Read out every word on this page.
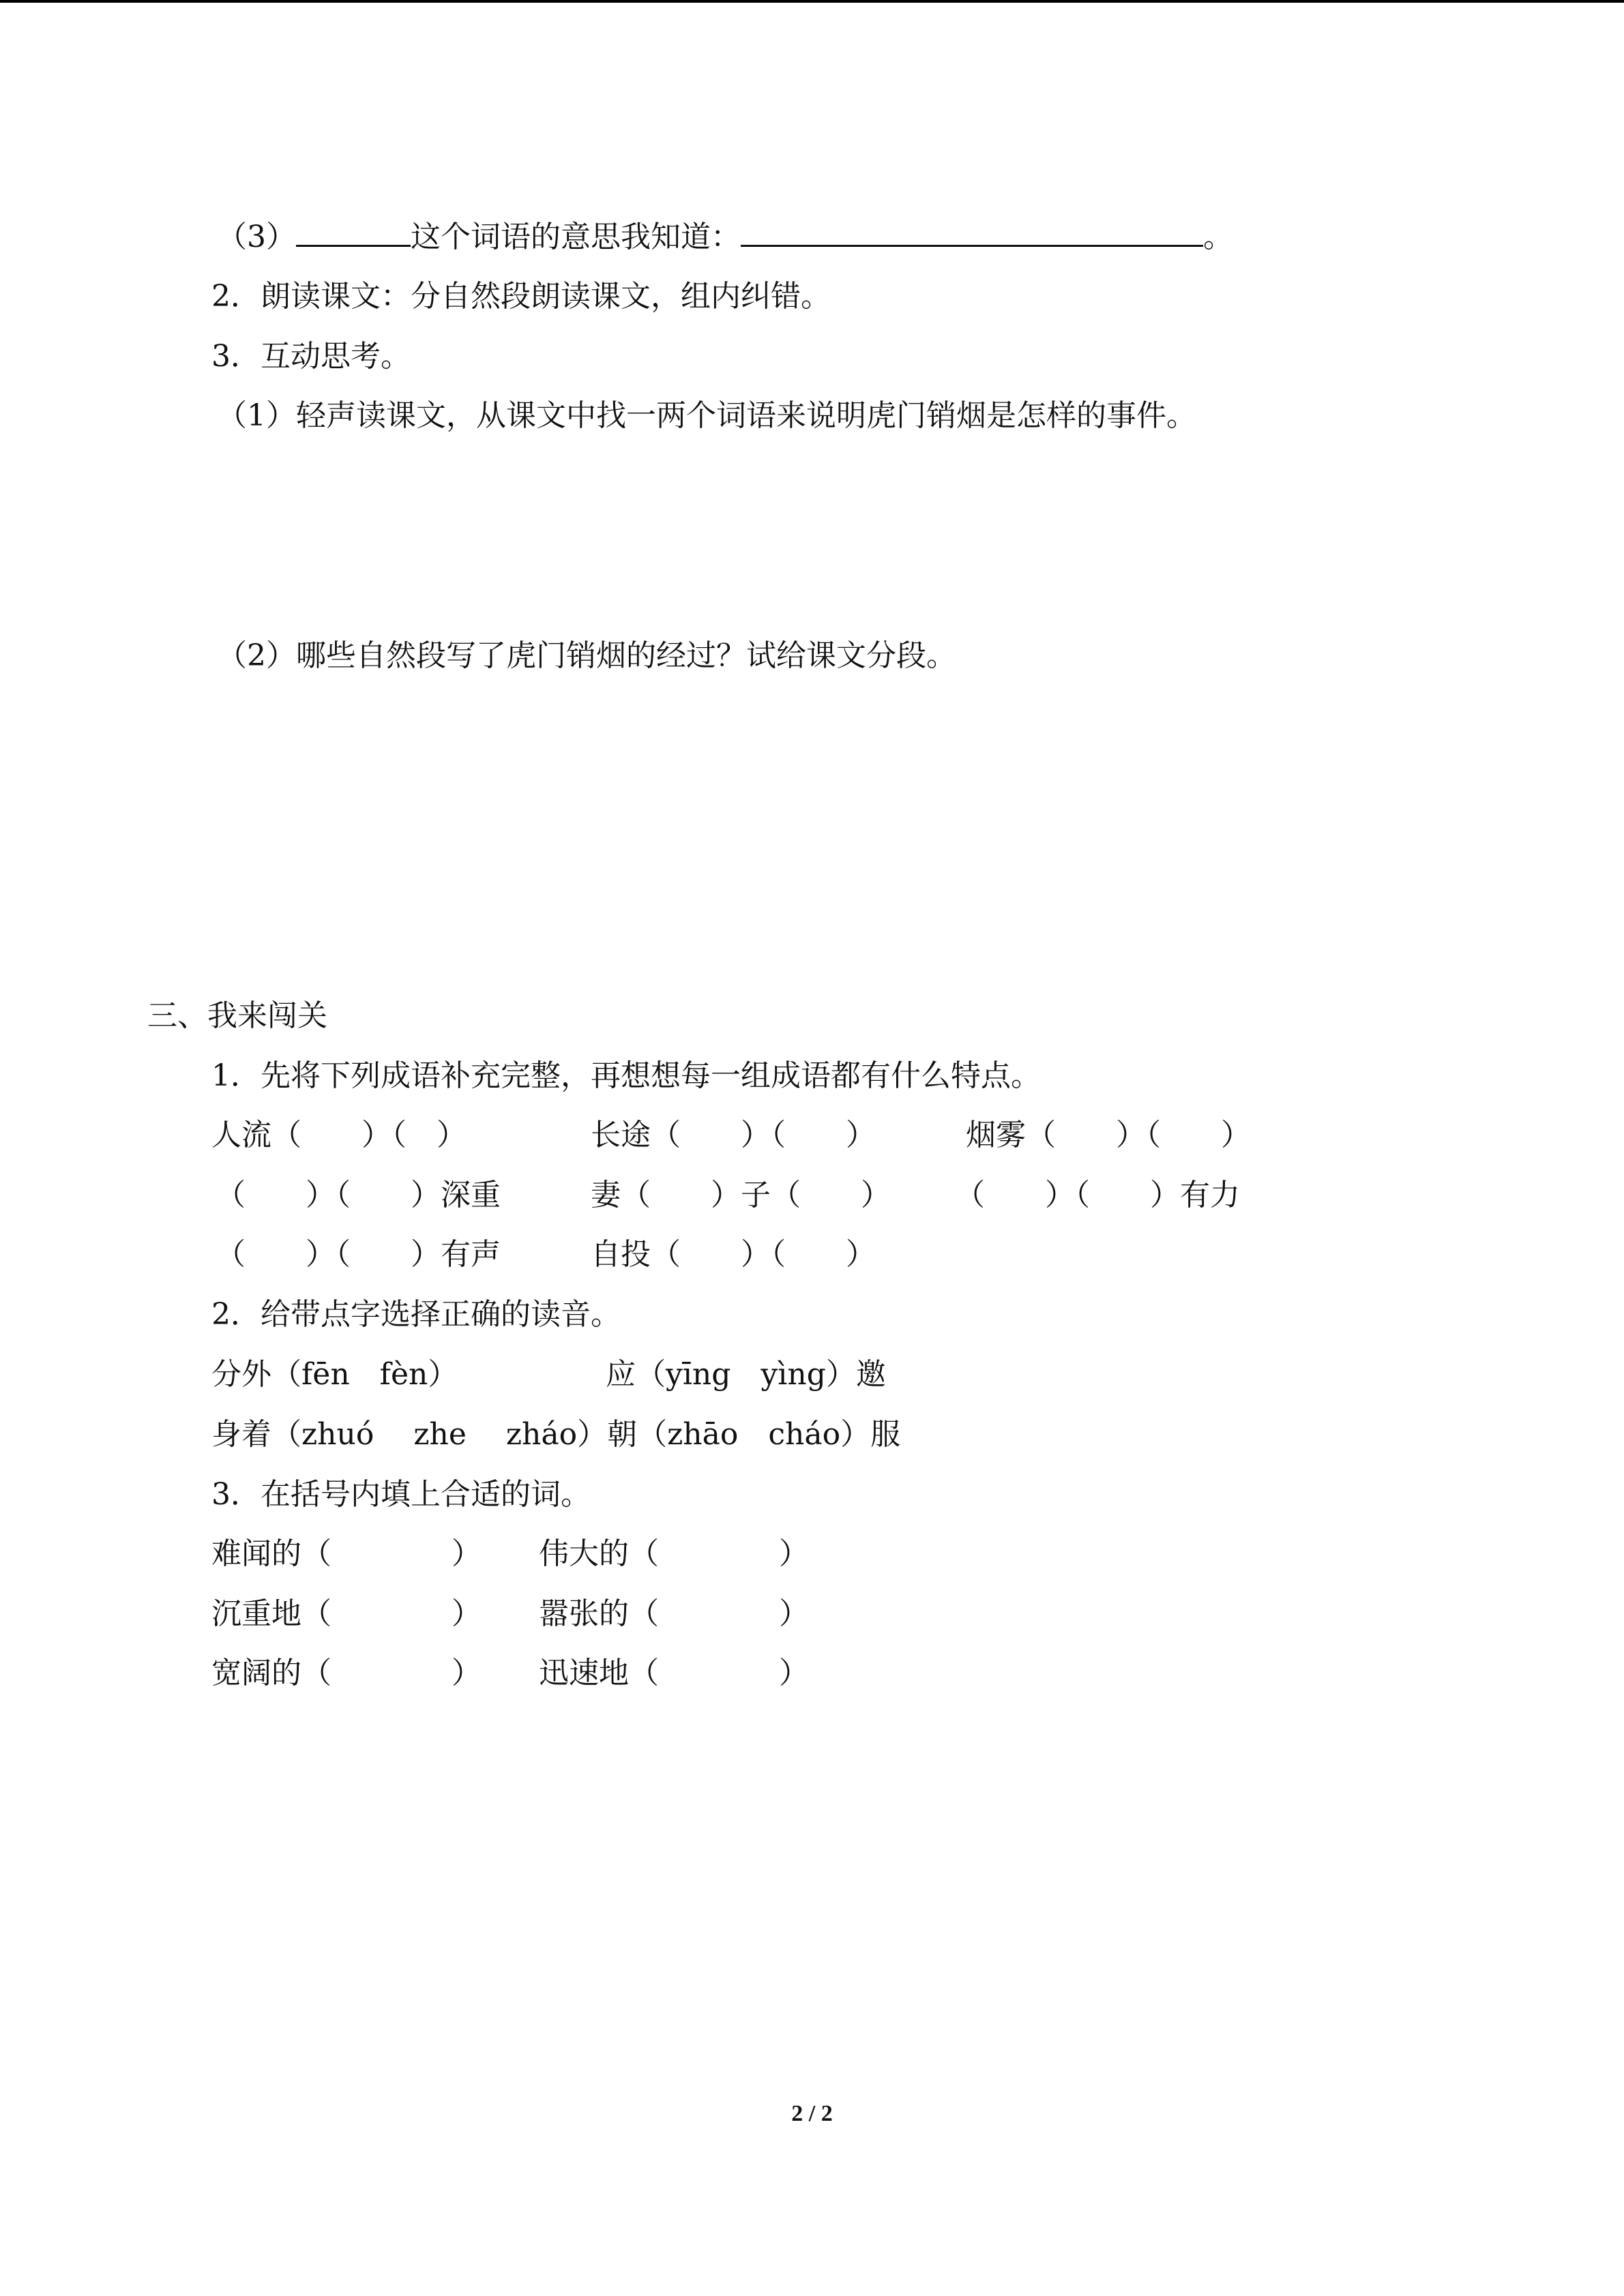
（3）	这个词语的意思我知道：	。
2．朗读课文：分自然段朗读课文，组内纠错。
3．互动思考。
（1）轻声读课文，从课文中找一两个词语来说明虎门销烟是怎样的事件。
（2）哪些自然段写了虎门销烟的经过？试给课文分段。
三、我来闯关
1．先将下列成语补充完整，再想想每一组成语都有什么特点。
人流（　　）（　）	长途（　　）（　　）	烟雾（　　）（　　）
（　　）（　　）深重	妻（　　）子（　　） （　　）（　　）有力
（　　）（　　）有声	自投（　　）（　　）
2．给带点字选择正确的读音。
分外（fēn　fèn）	应（yīng　yìng）邀
身着（zhuó　 zhe　 zháo）朝（zhāo　cháo）服
3．在括号内填上合适的词。
难闻的（　　　　） 伟大的（　　　　）
沉重地（　　　　） 嚣张的（　　　　）
宽阔的（　　　　） 迅速地（　　　　）
2 / 2
